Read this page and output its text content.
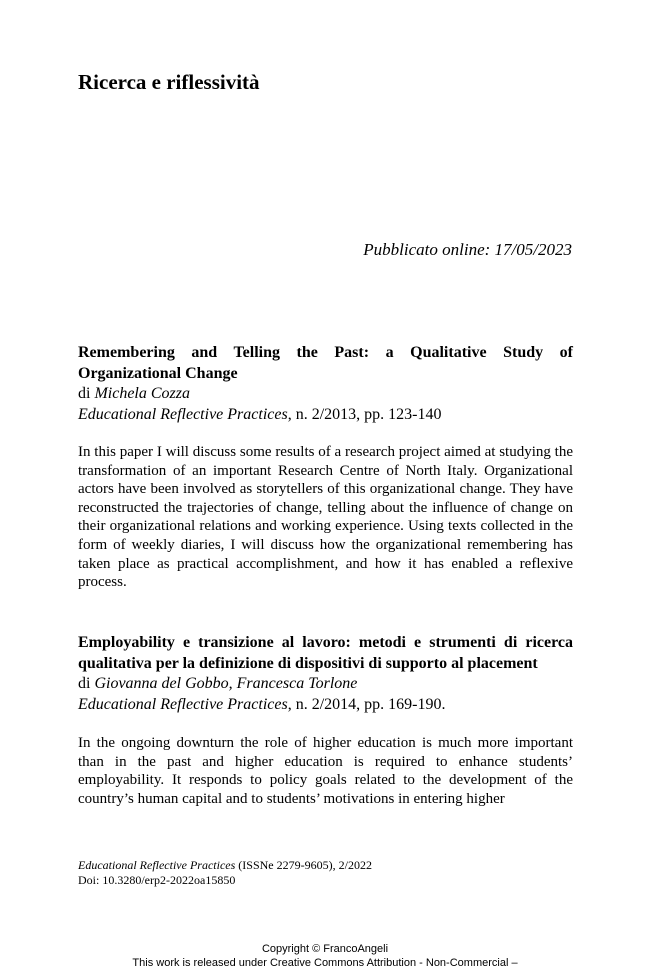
Ricerca e riflessività
Pubblicato online: 17/05/2023

Remembering and Telling the Past: a Qualitative Study of Organizational Change

di Michela Cozza
Educational Reflective Practices, n. 2/2013, pp. 123-140
In this paper I will discuss some results of a research project aimed at studying the transformation of an important Research Centre of North Italy. Organizational actors have been involved as storytellers of this organizational change. They have reconstructed the trajectories of change, telling about the influence of change on their organizational relations and working experience. Using texts collected in the form of weekly diaries, I will discuss how the organizational remembering has taken place as practical accomplishment, and how it has enabled a reflexive process.

Employability e transizione al lavoro: metodi e strumenti di ricerca qualitativa per la definizione di dispositivi di supporto al placement

di Giovanna del Gobbo, Francesca Torlone
Educational Reflective Practices, n. 2/2014, pp. 169-190.
In the ongoing downturn the role of higher education is much more important than in the past and higher education is required to enhance students’ employability. It responds to policy goals related to the development of the country’s human capital and to students’ motivations in entering higher
Educational Reflective Practices (ISSNe 2279-9605), 2/2022
Doi: 10.3280/erp2-2022oa15850
Copyright © FrancoAngeli
This work is released under Creative Commons Attribution - Non-Commercial –
